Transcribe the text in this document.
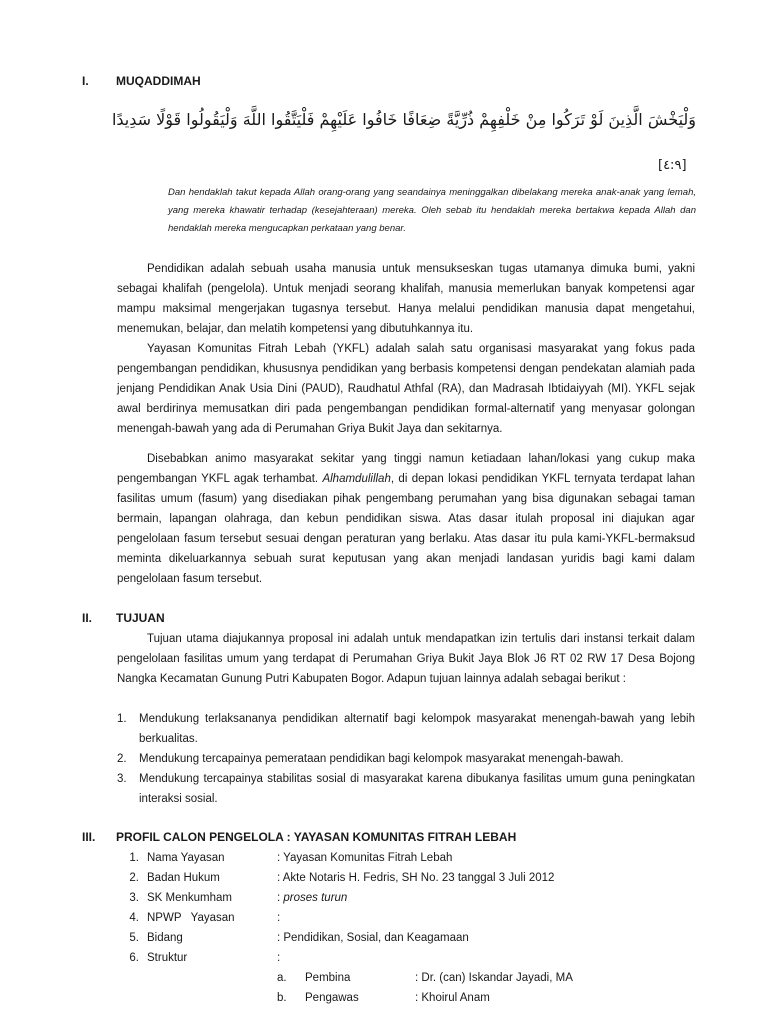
I.	MUQADDIMAH
وَلْيَخْشَ الَّذِينَ لَوْ تَرَكُوا مِنْ خَلْفِهِمْ ذُرِّيَّةً ضِعَافًا خَافُوا عَلَيْهِمْ فَلْيَتَّقُوا اللَّهَ وَلْيَقُولُوا قَوْلًا سَدِيدًا
[٤:٩]
Dan hendaklah takut kepada Allah orang-orang yang seandainya meninggalkan dibelakang mereka anak-anak yang lemah, yang mereka khawatir terhadap (kesejahteraan) mereka. Oleh sebab itu hendaklah mereka bertakwa kepada Allah dan hendaklah mereka mengucapkan perkataan yang benar.

Pendidikan adalah sebuah usaha manusia untuk mensukseskan tugas utamanya dimuka bumi, yakni sebagai khalifah (pengelola). Untuk menjadi seorang khalifah, manusia memerlukan banyak kompetensi agar mampu maksimal mengerjakan tugasnya tersebut. Hanya melalui pendidikan manusia dapat mengetahui, menemukan, belajar, dan melatih kompetensi yang dibutuhkannya itu.

Yayasan Komunitas Fitrah Lebah (YKFL) adalah salah satu organisasi masyarakat yang fokus pada pengembangan pendidikan, khususnya pendidikan yang berbasis kompetensi dengan pendekatan alamiah pada jenjang Pendidikan Anak Usia Dini (PAUD), Raudhatul Athfal (RA), dan Madrasah Ibtidaiyyah (MI). YKFL sejak awal berdirinya memusatkan diri pada pengembangan pendidikan formal-alternatif yang menyasar golongan menengah-bawah yang ada di Perumahan Griya Bukit Jaya dan sekitarnya.

Disebabkan animo masyarakat sekitar yang tinggi namun ketiadaan lahan/lokasi yang cukup maka pengembangan YKFL agak terhambat. Alhamdulillah, di depan lokasi pendidikan YKFL ternyata terdapat lahan fasilitas umum (fasum) yang disediakan pihak pengembang perumahan yang bisa digunakan sebagai taman bermain, lapangan olahraga, dan kebun pendidikan siswa. Atas dasar itulah proposal ini diajukan agar pengelolaan fasum tersebut sesuai dengan peraturan yang berlaku. Atas dasar itu pula kami-YKFL-bermaksud meminta dikeluarkannya sebuah surat keputusan yang akan menjadi landasan yuridis bagi kami dalam pengelolaan fasum tersebut.

II.	TUJUAN

Tujuan utama diajukannya proposal ini adalah untuk mendapatkan izin tertulis dari instansi terkait dalam pengelolaan fasilitas umum yang terdapat di Perumahan Griya Bukit Jaya Blok J6 RT 02 RW 17 Desa Bojong Nangka Kecamatan Gunung Putri Kabupaten Bogor. Adapun tujuan lainnya adalah sebagai berikut :

1.	Mendukung terlaksananya pendidikan alternatif bagi kelompok masyarakat menengah-bawah yang lebih berkualitas.
2.	Mendukung tercapainya pemerataan pendidikan bagi kelompok masyarakat menengah-bawah.
3.	Mendukung tercapainya stabilitas sosial di masyarakat karena dibukanya fasilitas umum guna peningkatan interaksi sosial.
III.	PROFIL CALON PENGELOLA : YAYASAN KOMUNITAS FITRAH LEBAH
1. Nama Yayasan	: Yayasan Komunitas Fitrah Lebah
2. Badan Hukum	: Akte Notaris H. Fedris, SH No. 23 tanggal 3 Juli 2012
3. SK Menkumham	: proses turun
4. NPWP   Yayasan	:
5. Bidang	: Pendidikan, Sosial, dan Keagamaan
6. Struktur	:
a.	Pembina	: Dr. (can) Iskandar Jayadi, MA
b.	Pengawas	: Khoirul Anam
